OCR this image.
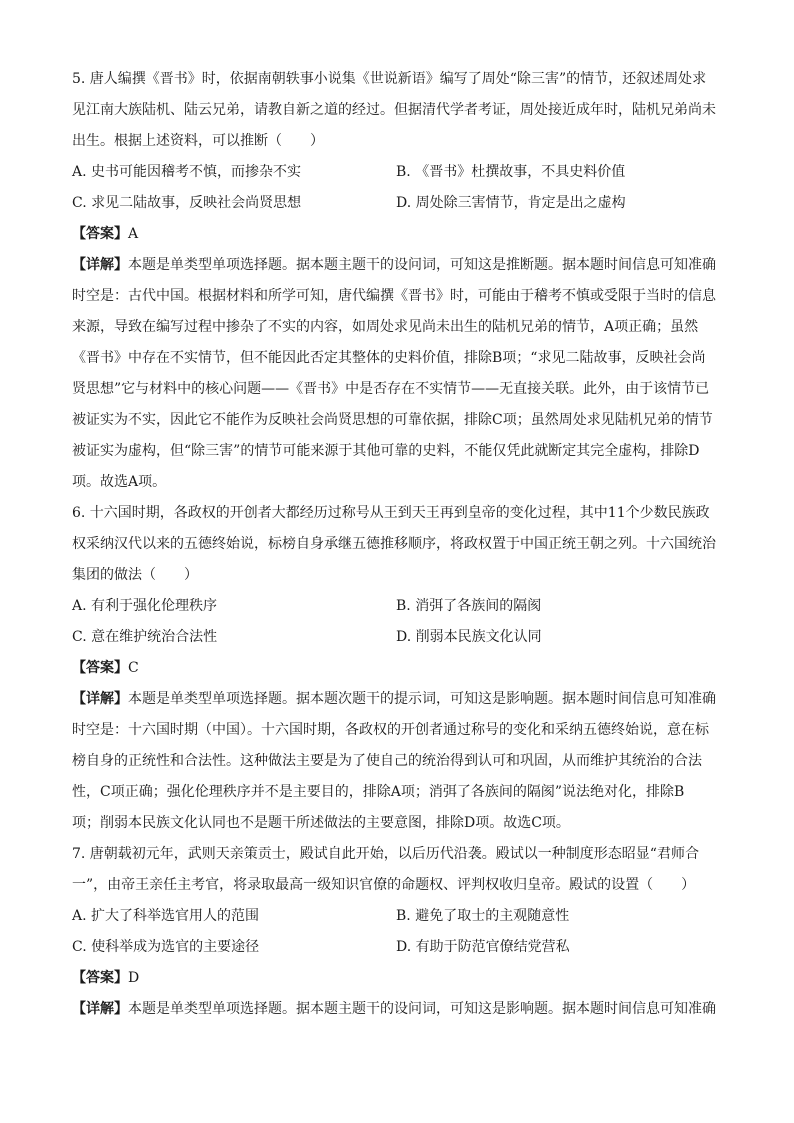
5. 唐人编撰《晋书》时，依据南朝轶事小说集《世说新语》编写了周处“除三害”的情节，还叙述周处求
见江南大族陆机、陆云兄弟，请教自新之道的经过。但据清代学者考证，周处接近成年时，陆机兄弟尚未
出生。根据上述资料，可以推断（　　）
A. 史书可能因稽考不慎，而掺杂不实	B. 《晋书》杜撰故事，不具史料价值
C. 求见二陆故事，反映社会尚贤思想	D. 周处除三害情节，肯定是出之虚构
【答案】A
【详解】本题是单类型单项选择题。据本题主题干的设问词，可知这是推断题。据本题时间信息可知准确
时空是：古代中国。根据材料和所学可知，唐代编撰《晋书》时，可能由于稽考不慎或受限于当时的信息
来源，导致在编写过程中掺杂了不实的内容，如周处求见尚未出生的陆机兄弟的情节，A项正确；虽然
《晋书》中存在不实情节，但不能因此否定其整体的史料价值，排除B项；“求见二陆故事，反映社会尚
贤思想”它与材料中的核心问题——《晋书》中是否存在不实情节——无直接关联。此外，由于该情节已
被证实为不实，因此它不能作为反映社会尚贤思想的可靠依据，排除C项；虽然周处求见陆机兄弟的情节
被证实为虚构，但“除三害”的情节可能来源于其他可靠的史料，不能仅凭此就断定其完全虚构，排除D
项。故选A项。
6. 十六国时期，各政权的开创者大都经历过称号从王到天王再到皇帝的变化过程，其中11个少数民族政
权采纳汉代以来的五德终始说，标榜自身承继五德推移顺序，将政权置于中国正统王朝之列。十六国统治
集团的做法（　　）
A. 有利于强化伦理秩序	B. 消弭了各族间的隔阂
C. 意在维护统治合法性	D. 削弱本民族文化认同
【答案】C
【详解】本题是单类型单项选择题。据本题次题干的提示词，可知这是影响题。据本题时间信息可知准确
时空是：十六国时期（中国）。十六国时期，各政权的开创者通过称号的变化和采纳五德终始说，意在标
榜自身的正统性和合法性。这种做法主要是为了使自己的统治得到认可和巩固，从而维护其统治的合法
性，C项正确；强化伦理秩序并不是主要目的，排除A项；消弭了各族间的隔阂”说法绝对化，排除B
项；削弱本民族文化认同也不是题干所述做法的主要意图，排除D项。故选C项。
7. 唐朝载初元年，武则天亲策贡士，殿试自此开始，以后历代沿袭。殿试以一种制度形态昭显“君师合
一”，由帝王亲任主考官，将录取最高一级知识官僚的命题权、评判权收归皇帝。殿试的设置（　　）
A. 扩大了科举选官用人的范围	B. 避免了取士的主观随意性
C. 使科举成为选官的主要途径	D. 有助于防范官僚结党营私
【答案】D
【详解】本题是单类型单项选择题。据本题主题干的设问词，可知这是影响题。据本题时间信息可知准确
